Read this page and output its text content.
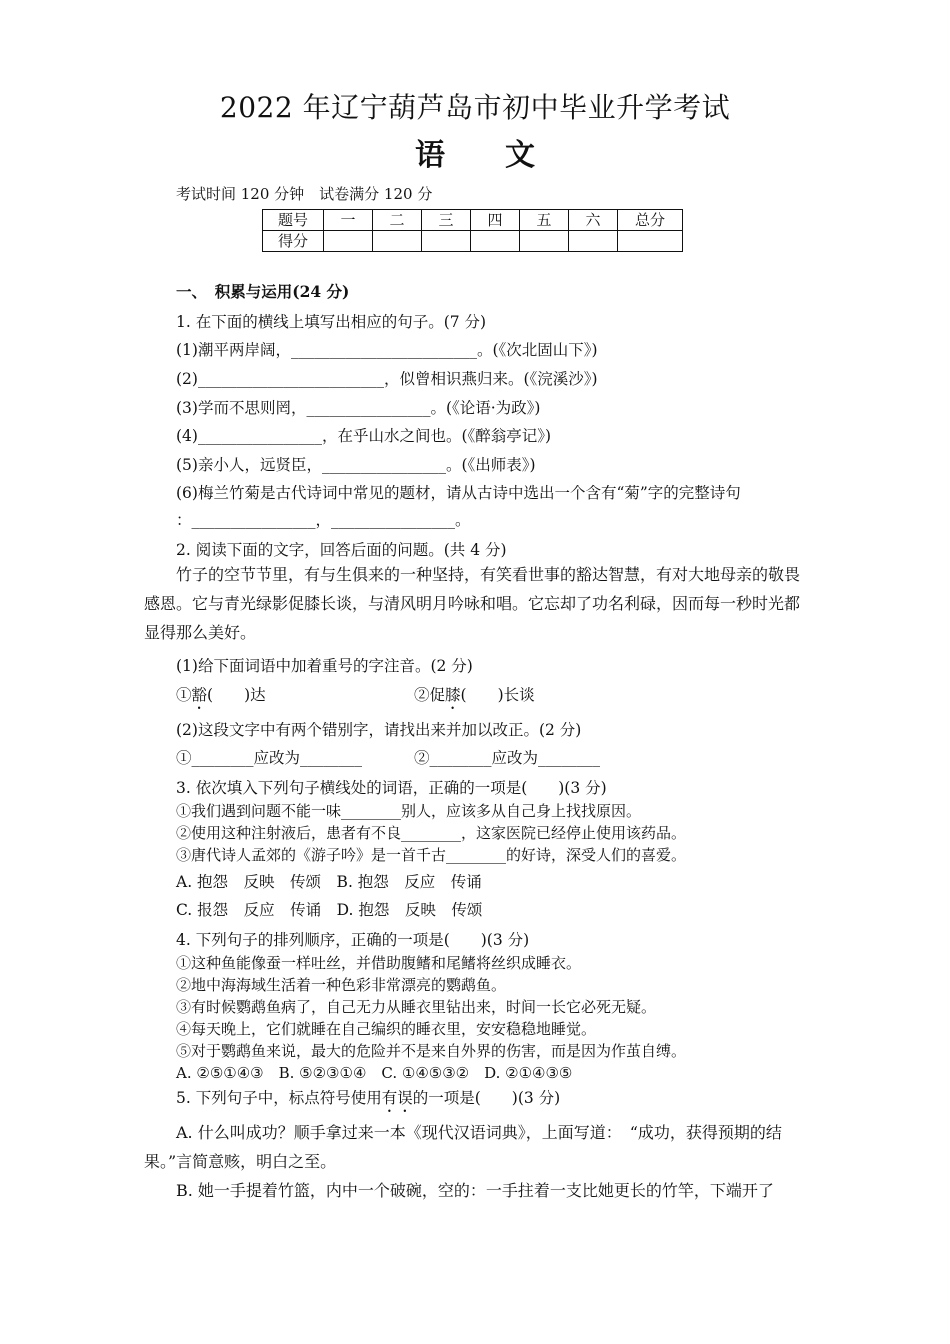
2022 年辽宁葫芦岛市初中毕业升学考试
语　　文
考试时间 120 分钟　试卷满分 120 分
题号	一	二	三	四	五	六	总分
得分							
一、　积累与运用(24 分)
1. 在下面的横线上填写出相应的句子。(7 分)
(1)潮平两岸阔，________________________。(《次北固山下》)
(2)________________________，似曾相识燕归来。(《浣溪沙》)
(3)学而不思则罔，________________。(《论语·为政》)
(4)________________，在乎山水之间也。(《醉翁亭记》)
(5)亲小人，远贤臣，________________。(《出师表》)
(6)梅兰竹菊是古代诗词中常见的题材，请从古诗中选出一个含有“菊”字的完整诗句
：________________，________________。
2. 阅读下面的文字，回答后面的问题。(共 4 分)
竹子的空节节里，有与生俱来的一种坚持，有笑看世事的豁达智慧，有对大地母亲的敬畏感恩。它与青光绿影促膝长谈，与清风明月吟咏和唱。它忘却了功名利碌，因而每一秒时光都显得那么美好。
(1)给下面词语中加着重号的字注音。(2 分)
①豁(　　)达	②促膝(　　)长谈
(2)这段文字中有两个错别字，请找出来并加以改正。(2 分)
①________应改为________	②________应改为________
3. 依次填入下列句子横线处的词语，正确的一项是(　　)(3 分)
①我们遇到问题不能一味________别人，应该多从自己身上找找原因。
②使用这种注射液后，患者有不良________，这家医院已经停止使用该药品。
③唐代诗人孟郊的《游子吟》是一首千古________的好诗，深受人们的喜爱。
A. 抱怨　反映　传颂　B. 抱怨　反应　传诵
C. 报怨　反应　传诵　D. 抱怨　反映　传颂
4. 下列句子的排列顺序，正确的一项是(　　)(3 分)
①这种鱼能像蚕一样吐丝，并借助腹鳍和尾鳍将丝织成睡衣。
②地中海海域生活着一种色彩非常漂亮的鹦鹉鱼。
③有时候鹦鹉鱼病了，自己无力从睡衣里钻出来，时间一长它必死无疑。
④每天晚上，它们就睡在自己编织的睡衣里，安安稳稳地睡觉。
⑤对于鹦鹉鱼来说，最大的危险并不是来自外界的伤害，而是因为作茧自缚。
A. ②⑤①④③　B. ⑤②③①④　C. ①④⑤③②　D. ②①④③⑤
5. 下列句子中，标点符号使用有误的一项是(　　)(3 分)
A. 什么叫成功？顺手拿过来一本《现代汉语词典》，上面写道：　“成功，获得预期的结果。”言简意赅，明白之至。
B. 她一手提着竹篮，内中一个破碗，空的：一手拄着一支比她更长的竹竿，下端开了
